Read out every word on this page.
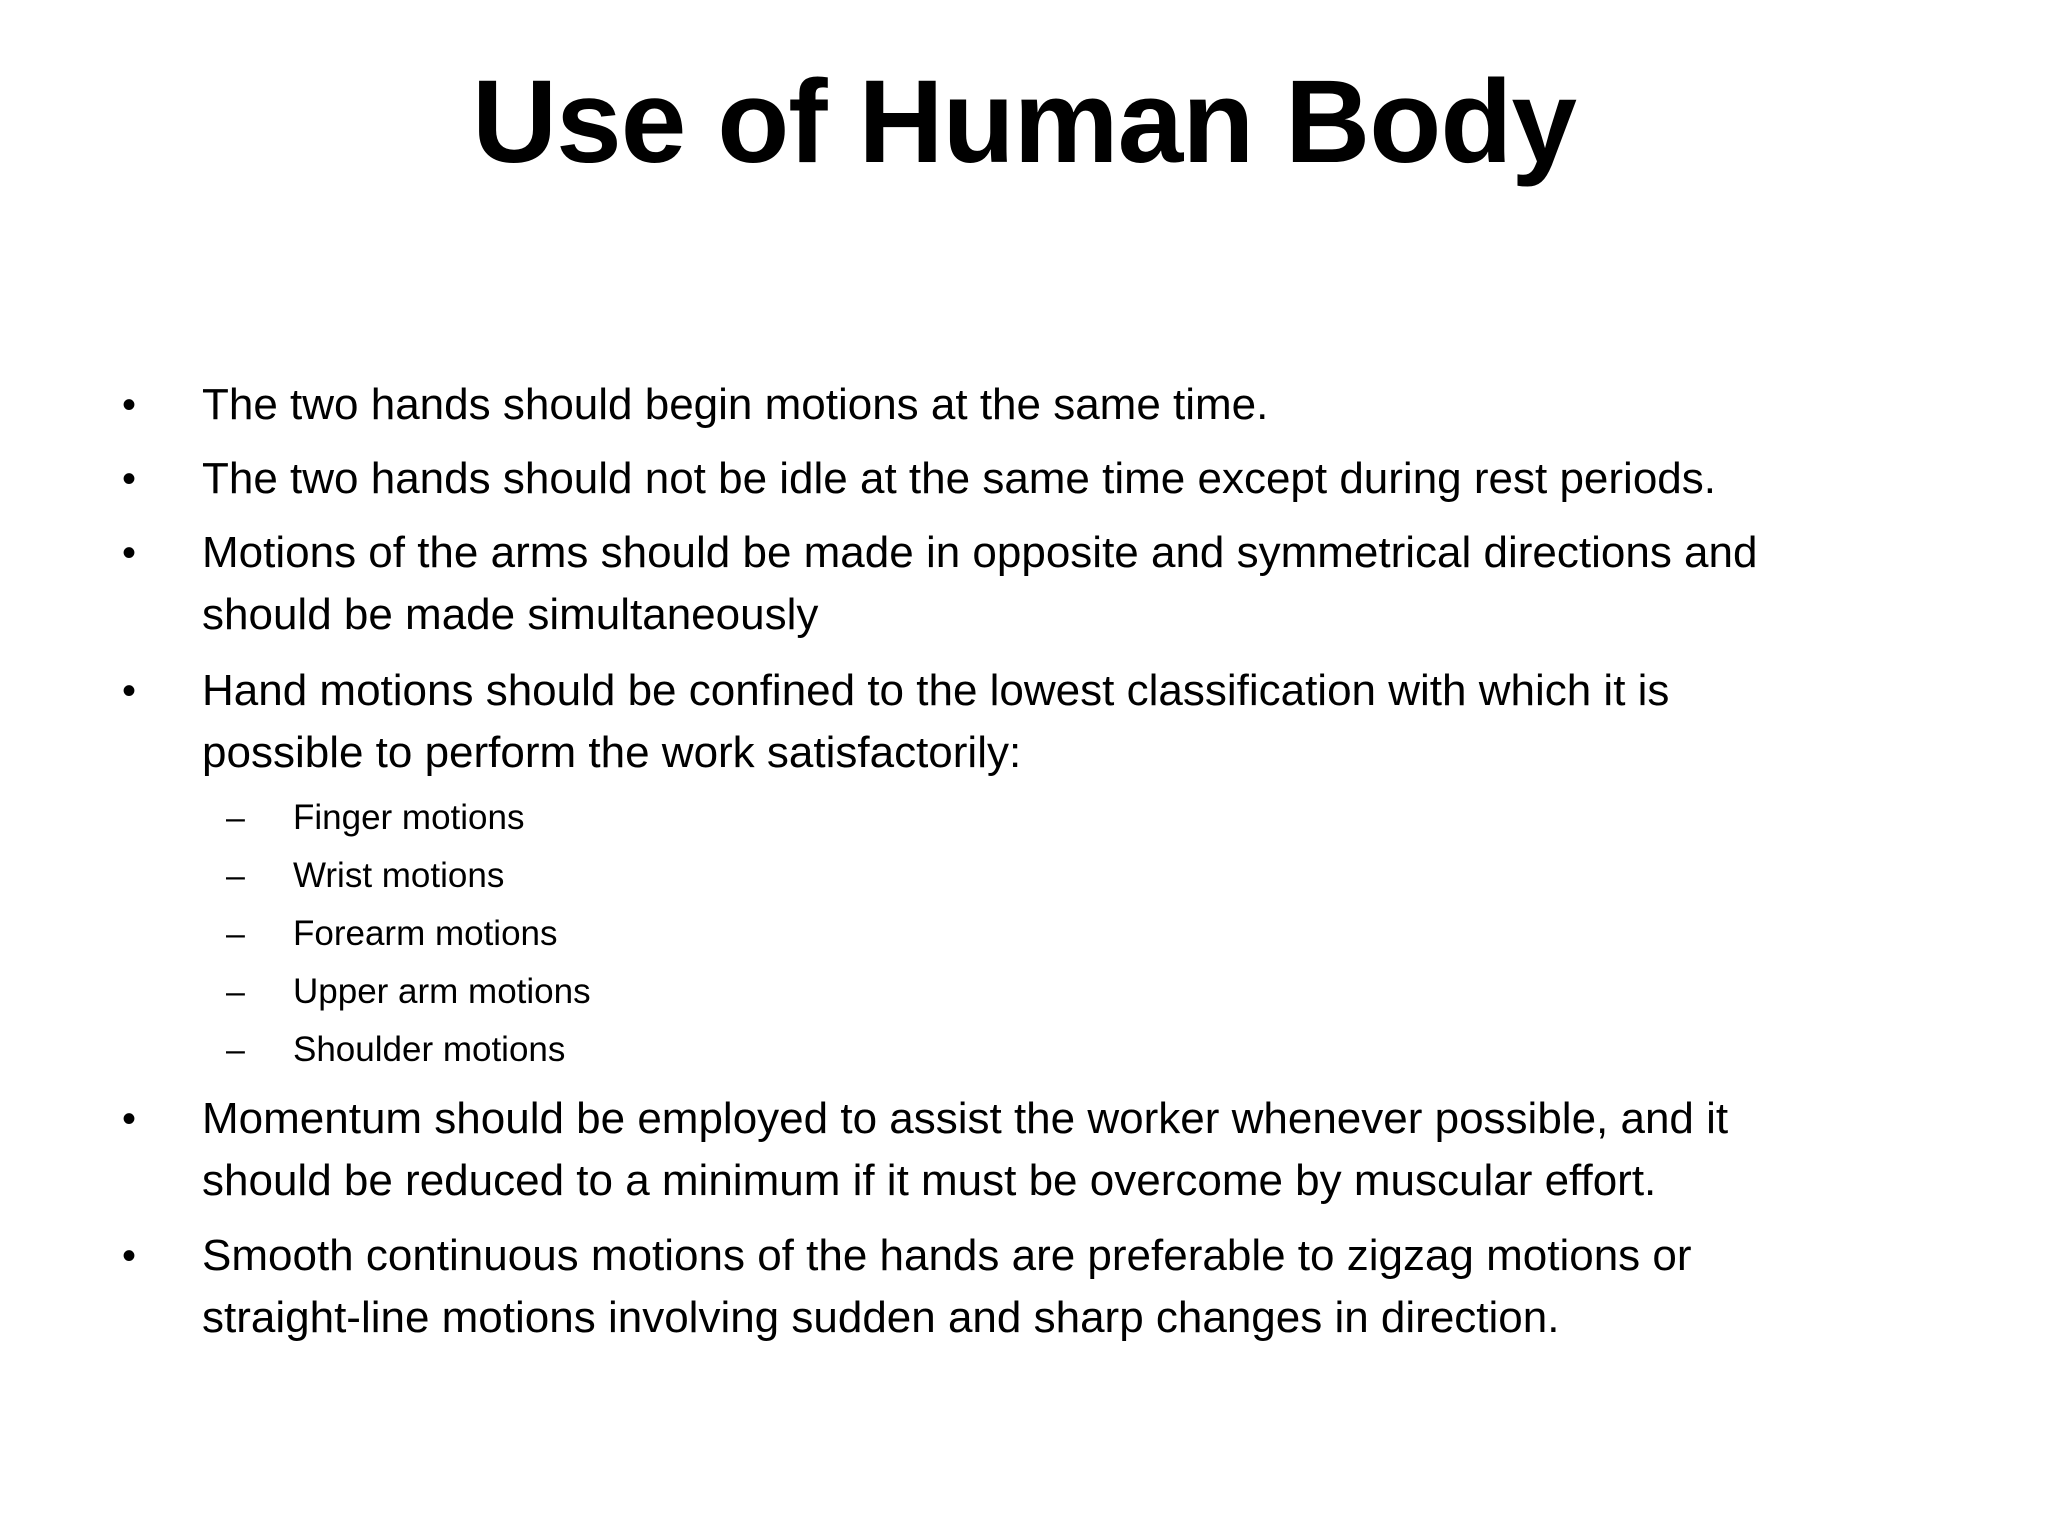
Use of Human Body
• The two hands should begin motions at the same time.
• The two hands should not be idle at the same time except during rest periods.
• Motions of the arms should be made in opposite and symmetrical directions and
should be made simultaneously
• Hand motions should be confined to the lowest classification with which it is
possible to perform the work satisfactorily:
– Finger motions
– Wrist motions
– Forearm motions
– Upper arm motions
– Shoulder motions
• Momentum should be employed to assist the worker whenever possible, and it
should be reduced to a minimum if it must be overcome by muscular effort.
• Smooth continuous motions of the hands are preferable to zigzag motions or
straight-line motions involving sudden and sharp changes in direction.
